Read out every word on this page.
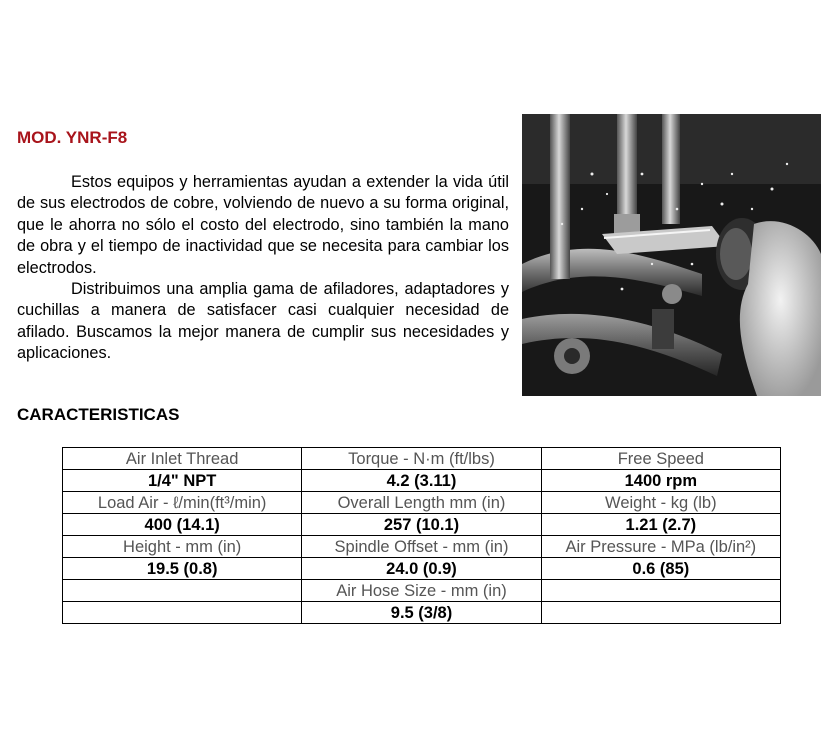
MOD. YNR-F8

Estos equipos y herramientas ayudan a extender la vida útil de sus electrodos de cobre, volviendo de nuevo a su forma original, que le ahorra no sólo el costo del electrodo, sino también la mano de obra y el tiempo de inactividad que se necesita para cambiar los electrodos.

Distribuimos una amplia gama de afiladores, adaptadores y cuchillas a manera de satisfacer casi cualquier necesidad de afilado. Buscamos la mejor manera de cumplir sus necesidades y aplicaciones.

CARACTERISTICAS
Air Inlet Thread	Torque - N·m (ft/lbs)	Free Speed
1/4" NPT	4.2 (3.11)	1400 rpm
Load Air - ℓ/min(ft³/min)	Overall Length mm (in)	Weight - kg (lb)
400 (14.1)	257 (10.1)	1.21 (2.7)
Height - mm (in)	Spindle Offset - mm (in)	Air Pressure - MPa (lb/in²)
19.5 (0.8)	24.0 (0.9)	0.6 (85)
	Air Hose Size - mm (in)	
	9.5 (3/8)	
